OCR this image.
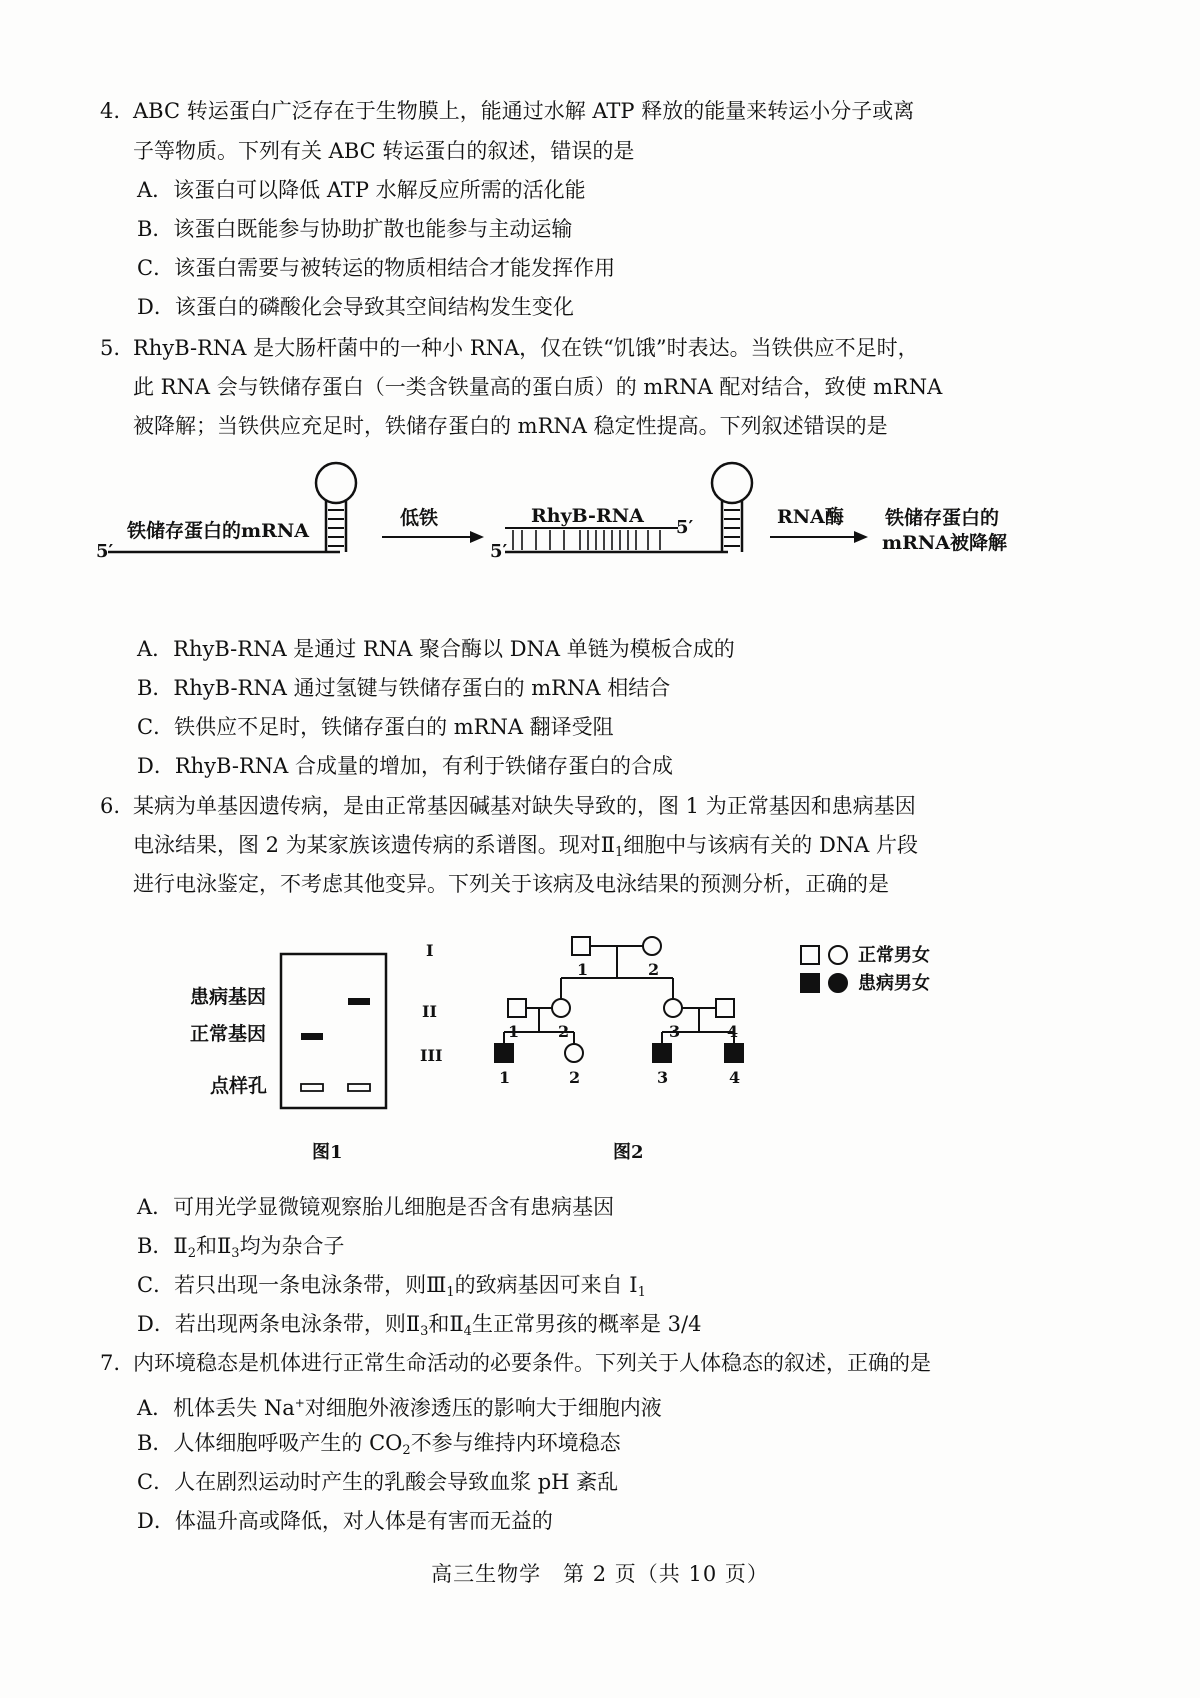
4. ABC 转运蛋白广泛存在于生物膜上，能通过水解 ATP 释放的能量来转运小分子或离
子等物质。下列有关 ABC 转运蛋白的叙述，错误的是
A．该蛋白可以降低 ATP 水解反应所需的活化能
B．该蛋白既能参与协助扩散也能参与主动运输
C．该蛋白需要与被转运的物质相结合才能发挥作用
D．该蛋白的磷酸化会导致其空间结构发生变化
5. RhyB-RNA 是大肠杆菌中的一种小 RNA，仅在铁“饥饿”时表达。当铁供应不足时，
此 RNA 会与铁储存蛋白（一类含铁量高的蛋白质）的 mRNA 配对结合，致使 mRNA
被降解；当铁供应充足时，铁储存蛋白的 mRNA 稳定性提高。下列叙述错误的是
5′
铁储存蛋白的mRNA
低铁	RhyB-RNA
5′
5′	RNA酶 铁储存蛋白的
mRNA被降解
A．RhyB-RNA 是通过 RNA 聚合酶以 DNA 单链为模板合成的
B．RhyB-RNA 通过氢键与铁储存蛋白的 mRNA 相结合
C．铁供应不足时，铁储存蛋白的 mRNA 翻译受阻
D．RhyB-RNA 合成量的增加，有利于铁储存蛋白的合成
6. 某病为单基因遗传病，是由正常基因碱基对缺失导致的，图 1 为正常基因和患病基因
电泳结果，图 2 为某家族该遗传病的系谱图。现对$Ⅱ_1$细胞中与该病有关的 DNA 片段
进行电泳鉴定，不考虑其他变异。下列关于该病及电泳结果的预测分析，正确的是
患病基因
正常基因
点样孔
图1
I
II
III
1	2
1 2	3	4
1	2	3	4
图2
正常男女
患病男女
A．可用光学显微镜观察胎儿细胞是否含有患病基因
B．$Ⅱ_2$和$Ⅱ_3$均为杂合子
C．若只出现一条电泳条带，则$Ⅲ_1$的致病基因可来自 $Ⅰ_1$
D．若出现两条电泳条带，则$Ⅱ_3$和$Ⅱ_4$生正常男孩的概率是 3/4
7. 内环境稳态是机体进行正常生命活动的必要条件。下列关于人体稳态的叙述，正确的是
A．机体丢失 Na+对细胞外液渗透压的影响大于细胞内液
B．人体细胞呼吸产生的 $CO_2$不参与维持内环境稳态
C．人在剧烈运动时产生的乳酸会导致血浆 pH 紊乱
D．体温升高或降低，对人体是有害而无益的
高三生物学　第 2 页（共 10 页）
